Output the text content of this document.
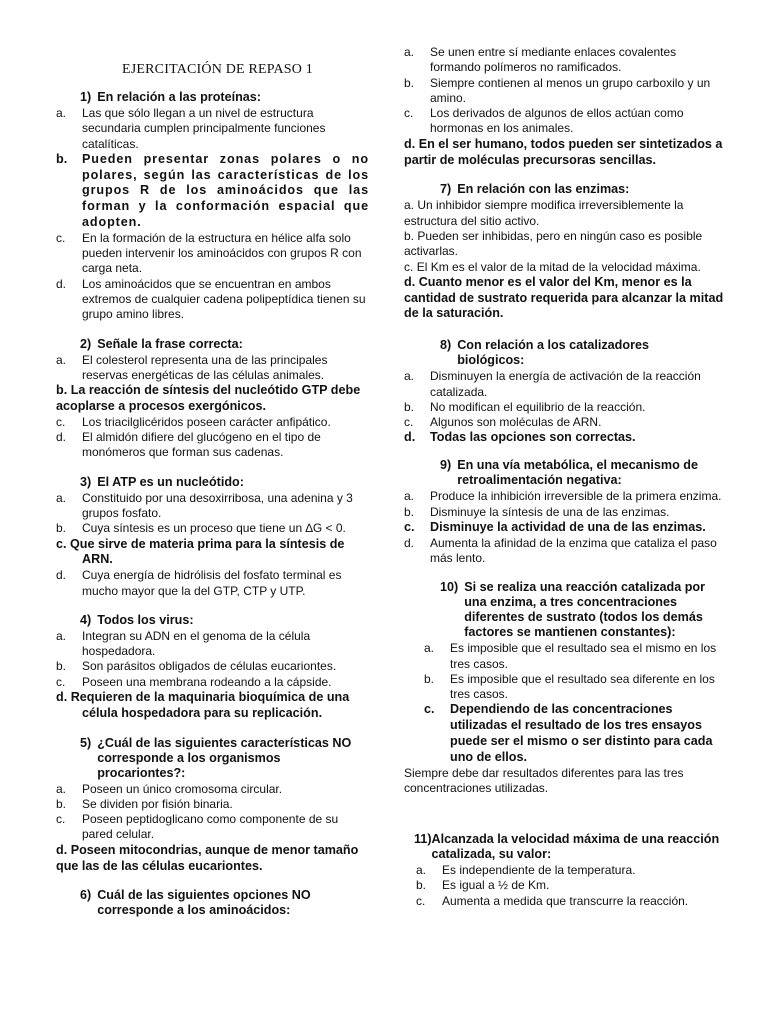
EJERCITACIÓN DE REPASO 1
1) En relación a las proteínas:
a.	Las que sólo llegan a un nivel de estructura secundaria cumplen principalmente funciones catalíticas.
b.	Pueden presentar zonas polares o no polares, según las características de los grupos R de los aminoácidos que las forman y la conformación espacial que adopten.
c.	En la formación de la estructura en hélice alfa solo pueden intervenir los aminoácidos con grupos R con carga neta.
d.	Los aminoácidos que se encuentran en ambos extremos de cualquier cadena polipeptídica tienen su grupo amino libres.
2) Señale la frase correcta:
a.	El colesterol representa una de las principales reservas energéticas de las células animales.
b. La reacción de síntesis del nucleótido GTP debe acoplarse a procesos exergónicos.
c.	Los triacilglicéridos poseen carácter anfipático.
d.	El almidón difiere del glucógeno en el tipo de monómeros que forman sus cadenas.
3) El ATP es un nucleótido:
a.	Constituido por una desoxirribosa, una adenina y 3 grupos fosfato.
b.	Cuya síntesis es un proceso que tiene un ∆G < 0.
c. Que sirve de materia prima para la síntesis de
ARN.
d.	Cuya energía de hidrólisis del fosfato terminal es mucho mayor que la del GTP, CTP y UTP.
4) Todos los virus:
a.	Integran su ADN en el genoma de la célula hospedadora.
b.	Son parásitos obligados de células eucariontes.
c.	Poseen una membrana rodeando a la cápside.
d. Requieren de la maquinaria bioquímica de una
célula hospedadora para su replicación.
5) ¿Cuál de las siguientes características NO corresponde a los organismos procariontes?:
a.	Poseen un único cromosoma circular.
b.	Se dividen por fisión binaria.
c.	Poseen peptidoglicano como componente de su pared celular.
d. Poseen mitocondrias, aunque de menor tamaño que las de las células eucariontes.
6) Cuál de las siguientes opciones NO corresponde a los aminoácidos:
a.	Se unen entre sí mediante enlaces covalentes formando polímeros no ramificados.
b.	Siempre contienen al menos un grupo carboxilo y un amino.
c.	Los derivados de algunos de ellos actúan como hormonas en los animales.
d. En el ser humano, todos pueden ser sintetizados a partir de moléculas precursoras sencillas.
7) En relación con las enzimas:
a. Un inhibidor siempre modifica irreversiblemente la estructura del sitio activo.
b. Pueden ser inhibidas, pero en ningún caso es posible activarlas.
c. El Km es el valor de la mitad de la velocidad máxima.
d. Cuanto menor es el valor del Km, menor es la cantidad de sustrato requerida para alcanzar la mitad de la saturación.
8) Con relación a los catalizadores biológicos:
a.	Disminuyen la energía de activación de la reacción catalizada.
b.	No modifican el equilibrio de la reacción.
c.	Algunos son moléculas de ARN.
d.	Todas las opciones son correctas.
9) En una vía metabólica, el mecanismo de retroalimentación negativa:
a.	Produce la inhibición irreversible de la primera enzima.
b.	Disminuye la síntesis de una de las enzimas.
c.	Disminuye la actividad de una de las enzimas.
d.	Aumenta la afinidad de la enzima que cataliza el paso más lento.
10) Si se realiza una reacción catalizada por una enzima, a tres concentraciones diferentes de sustrato (todos los demás factores se mantienen constantes):
a.	Es imposible que el resultado sea el mismo en los tres casos.
b.	Es imposible que el resultado sea diferente en los tres casos.
c.	Dependiendo de las concentraciones utilizadas el resultado de los tres ensayos puede ser el mismo o ser distinto para cada uno de ellos.
Siempre debe dar resultados diferentes para las tres concentraciones utilizadas.
11) Alcanzada la velocidad máxima de una reacción catalizada, su valor:
a.	Es independiente de la temperatura.
b.	Es igual a ½ de Km.
c.	Aumenta a medida que transcurre la reacción.
